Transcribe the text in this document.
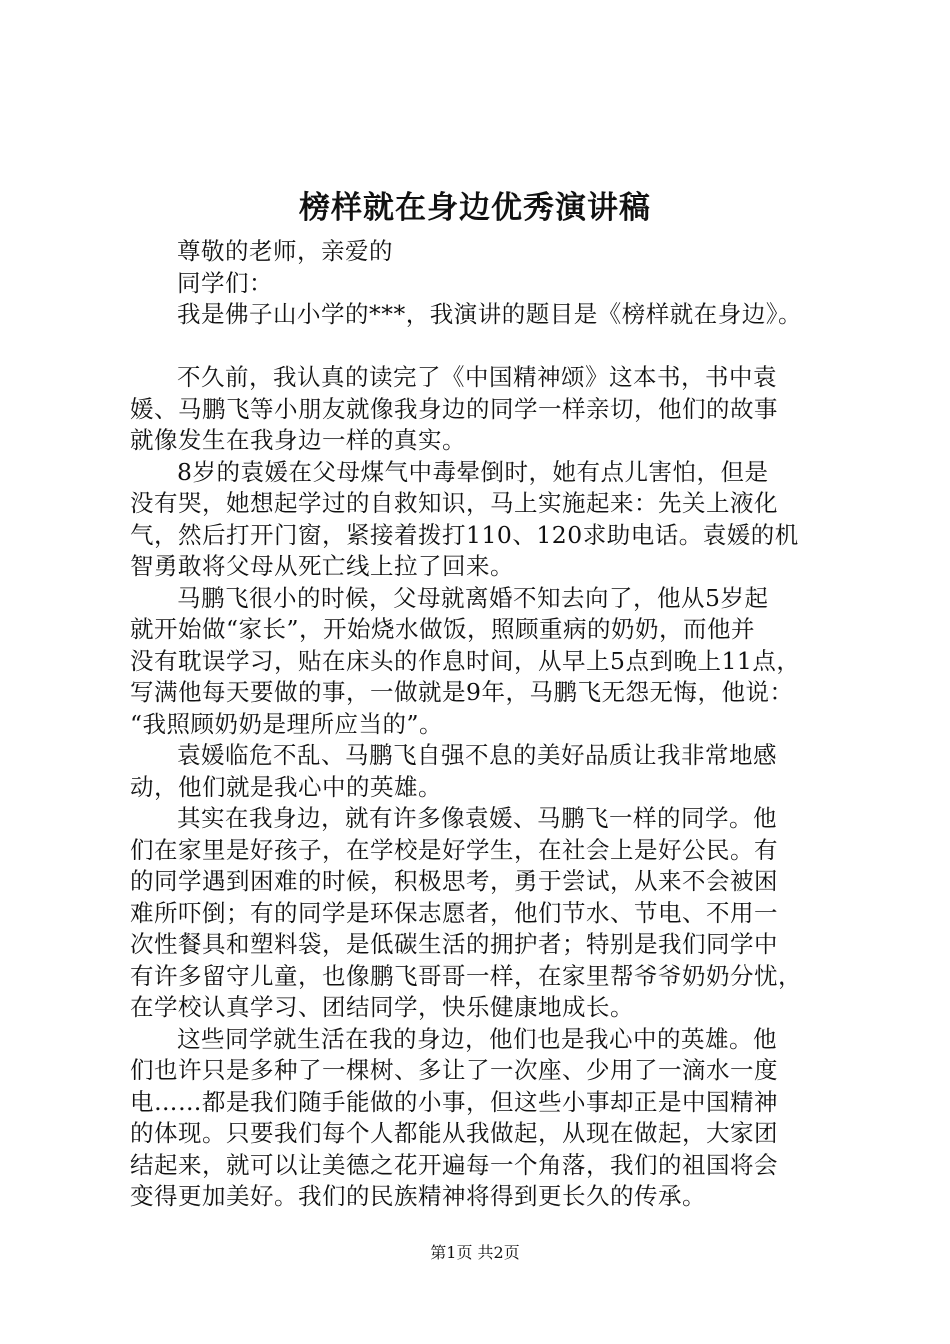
榜样就在身边优秀演讲稿
尊敬的老师，亲爱的
同学们：
我是佛子山小学的***，我演讲的题目是《榜样就在身边》。
不久前，我认真的读完了《中国精神颂》这本书，书中袁
媛、马鹏飞等小朋友就像我身边的同学一样亲切，他们的故事
就像发生在我身边一样的真实。
8岁的袁媛在父母煤气中毒晕倒时，她有点儿害怕，但是
没有哭，她想起学过的自救知识，马上实施起来：先关上液化
气，然后打开门窗，紧接着拨打110、120求助电话。袁媛的机
智勇敢将父母从死亡线上拉了回来。
马鹏飞很小的时候，父母就离婚不知去向了，他从5岁起
就开始做“家长”，开始烧水做饭，照顾重病的奶奶，而他并
没有耽误学习，贴在床头的作息时间，从早上5点到晚上11点，
写满他每天要做的事，一做就是9年，马鹏飞无怨无悔，他说：
“我照顾奶奶是理所应当的”。
袁媛临危不乱、马鹏飞自强不息的美好品质让我非常地感
动，他们就是我心中的英雄。
其实在我身边，就有许多像袁媛、马鹏飞一样的同学。他
们在家里是好孩子，在学校是好学生，在社会上是好公民。有
的同学遇到困难的时候，积极思考，勇于尝试，从来不会被困
难所吓倒；有的同学是环保志愿者，他们节水、节电、不用一
次性餐具和塑料袋，是低碳生活的拥护者；特别是我们同学中
有许多留守儿童，也像鹏飞哥哥一样，在家里帮爷爷奶奶分忧，
在学校认真学习、团结同学，快乐健康地成长。
这些同学就生活在我的身边，他们也是我心中的英雄。他
们也许只是多种了一棵树、多让了一次座、少用了一滴水一度
电……都是我们随手能做的小事，但这些小事却正是中国精神
的体现。只要我们每个人都能从我做起，从现在做起，大家团
结起来，就可以让美德之花开遍每一个角落，我们的祖国将会
变得更加美好。我们的民族精神将得到更长久的传承。
第1页 共2页
